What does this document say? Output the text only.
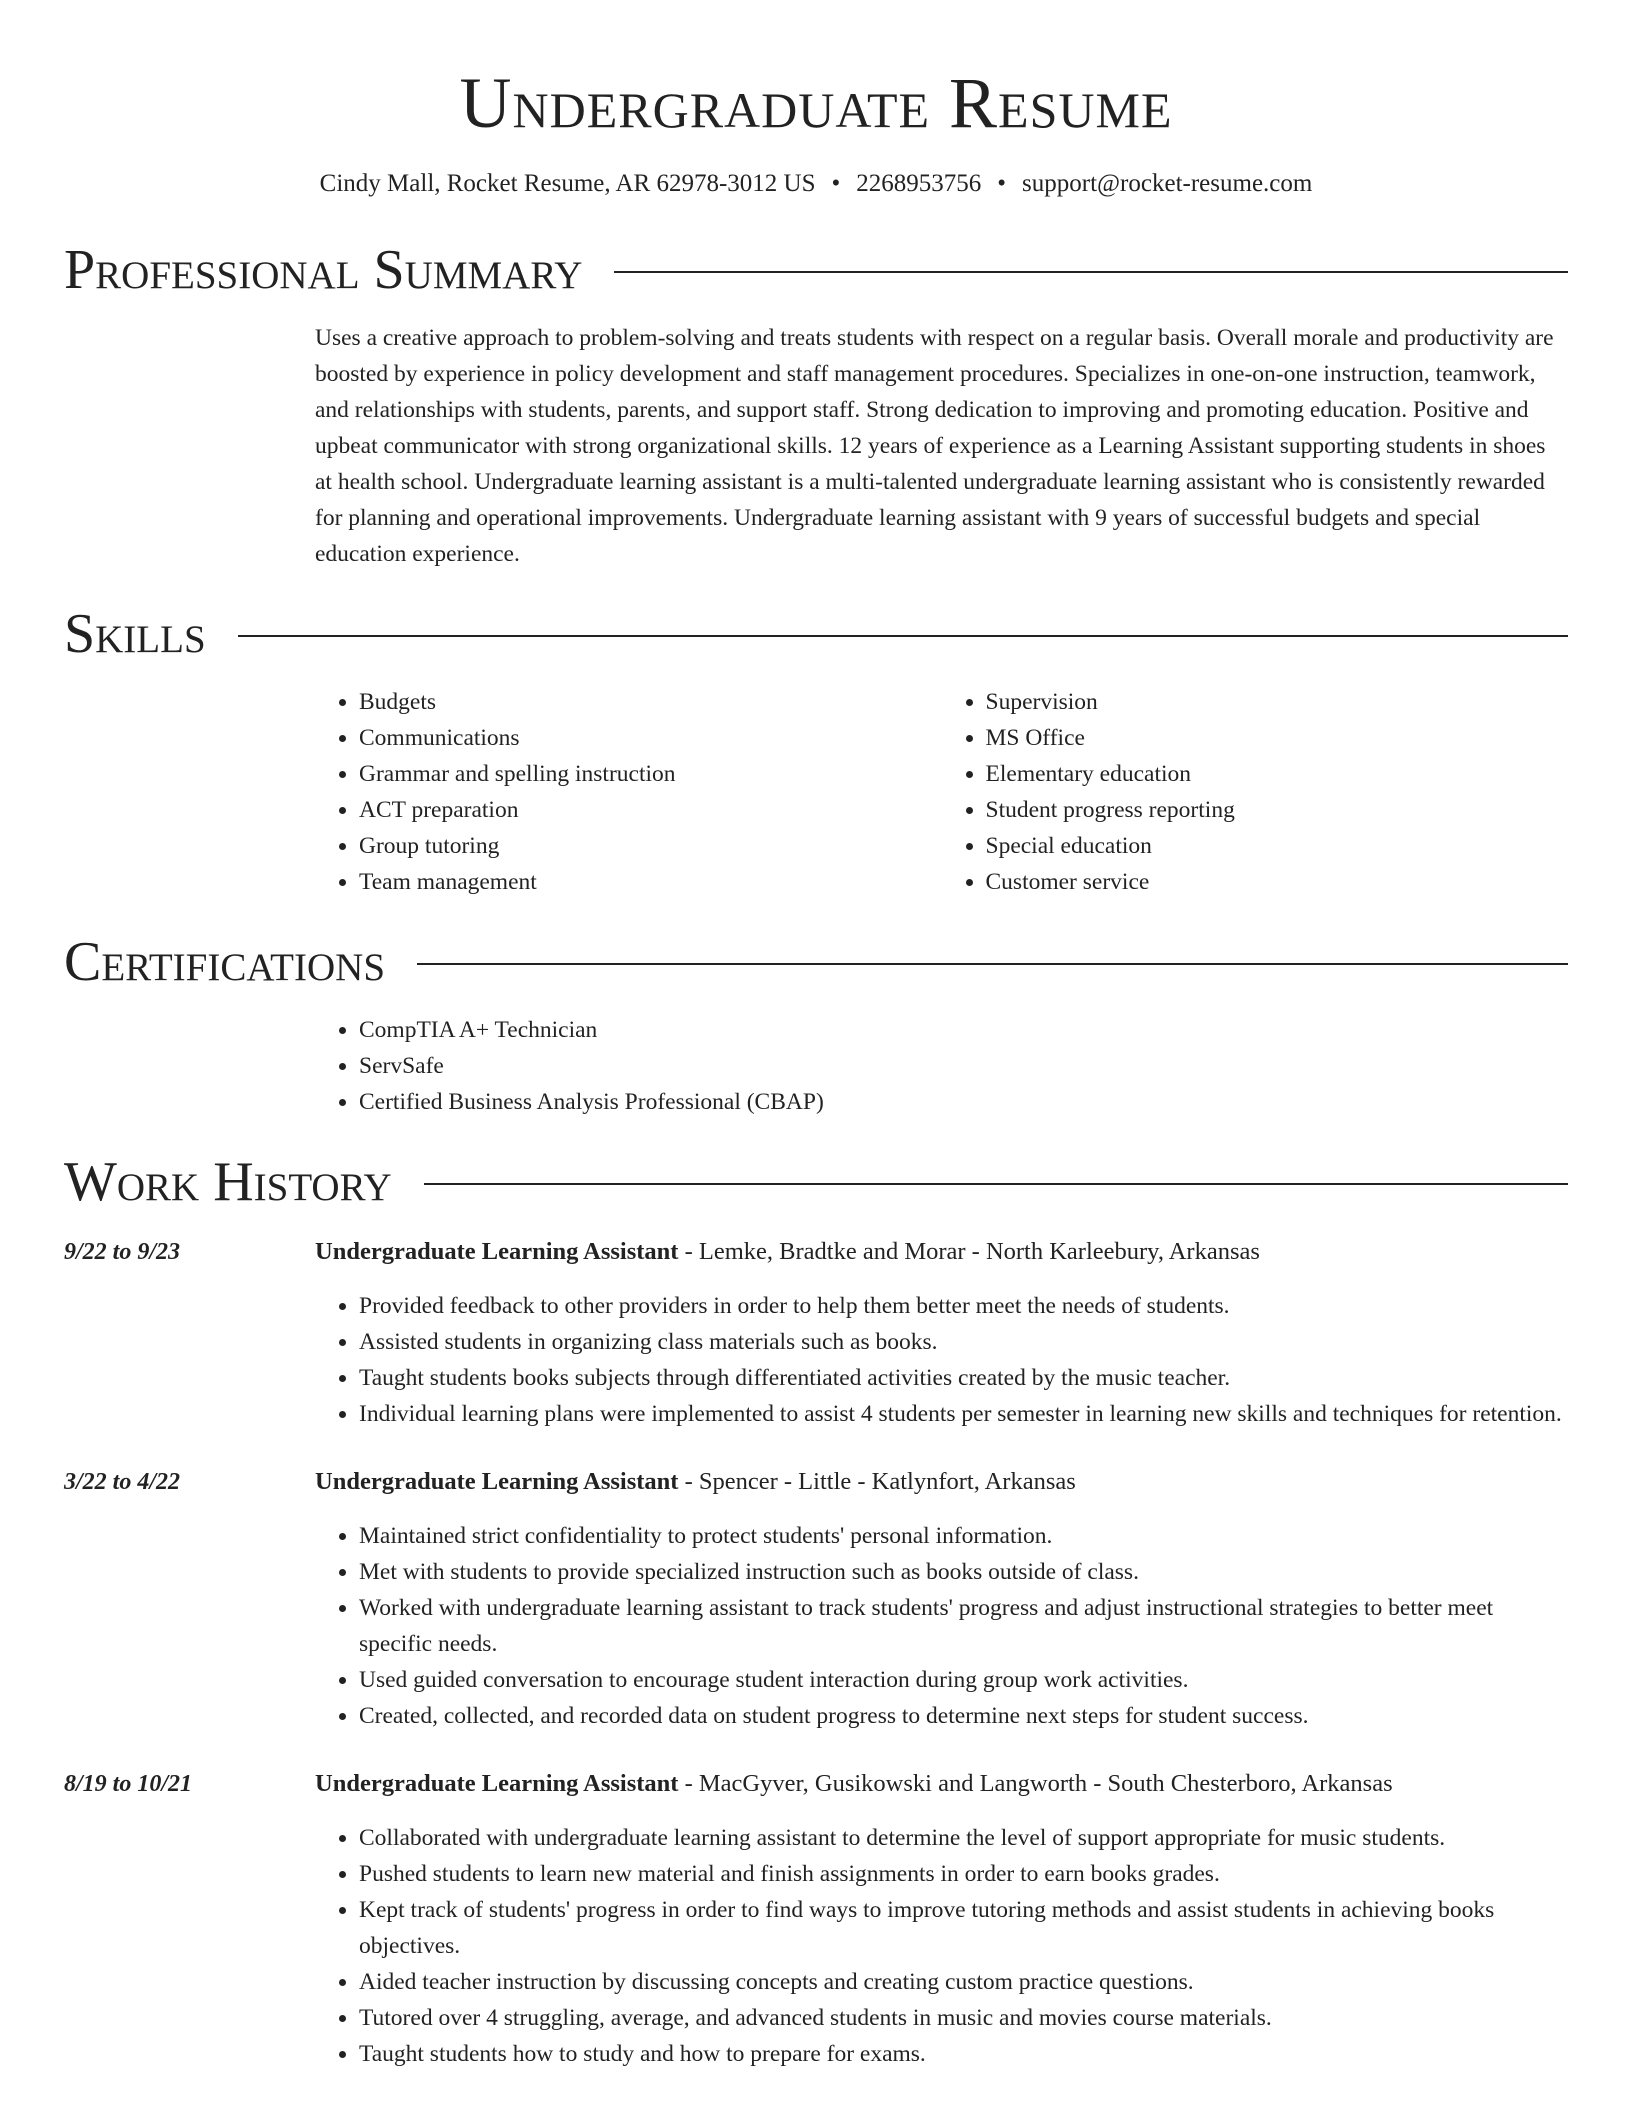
Undergraduate Resume
Cindy Mall, Rocket Resume, AR 62978-3012 US • 2268953756 • support@rocket-resume.com
Professional Summary
Uses a creative approach to problem-solving and treats students with respect on a regular basis. Overall morale and productivity are boosted by experience in policy development and staff management procedures. Specializes in one-on-one instruction, teamwork, and relationships with students, parents, and support staff. Strong dedication to improving and promoting education. Positive and upbeat communicator with strong organizational skills. 12 years of experience as a Learning Assistant supporting students in shoes at health school. Undergraduate learning assistant is a multi-talented undergraduate learning assistant who is consistently rewarded for planning and operational improvements. Undergraduate learning assistant with 9 years of successful budgets and special education experience.
Skills
• Budgets
• Communications
• Grammar and spelling instruction
• ACT preparation
• Group tutoring
• Team management
• Supervision
• MS Office
• Elementary education
• Student progress reporting
• Special education
• Customer service
Certifications
• CompTIA A+ Technician
• ServSafe
• Certified Business Analysis Professional (CBAP)
Work History
9/22 to 9/23	Undergraduate Learning Assistant - Lemke, Bradtke and Morar - North Karleebury, Arkansas
• Provided feedback to other providers in order to help them better meet the needs of students.
• Assisted students in organizing class materials such as books.
• Taught students books subjects through differentiated activities created by the music teacher.
• Individual learning plans were implemented to assist 4 students per semester in learning new skills and techniques for retention.
3/22 to 4/22	Undergraduate Learning Assistant - Spencer - Little - Katlynfort, Arkansas
• Maintained strict confidentiality to protect students' personal information.
• Met with students to provide specialized instruction such as books outside of class.
• Worked with undergraduate learning assistant to track students' progress and adjust instructional strategies to better meet specific needs.
• Used guided conversation to encourage student interaction during group work activities.
• Created, collected, and recorded data on student progress to determine next steps for student success.
8/19 to 10/21	Undergraduate Learning Assistant - MacGyver, Gusikowski and Langworth - South Chesterboro, Arkansas
• Collaborated with undergraduate learning assistant to determine the level of support appropriate for music students.
• Pushed students to learn new material and finish assignments in order to earn books grades.
• Kept track of students' progress in order to find ways to improve tutoring methods and assist students in achieving books objectives.
• Aided teacher instruction by discussing concepts and creating custom practice questions.
• Tutored over 4 struggling, average, and advanced students in music and movies course materials.
• Taught students how to study and how to prepare for exams.
